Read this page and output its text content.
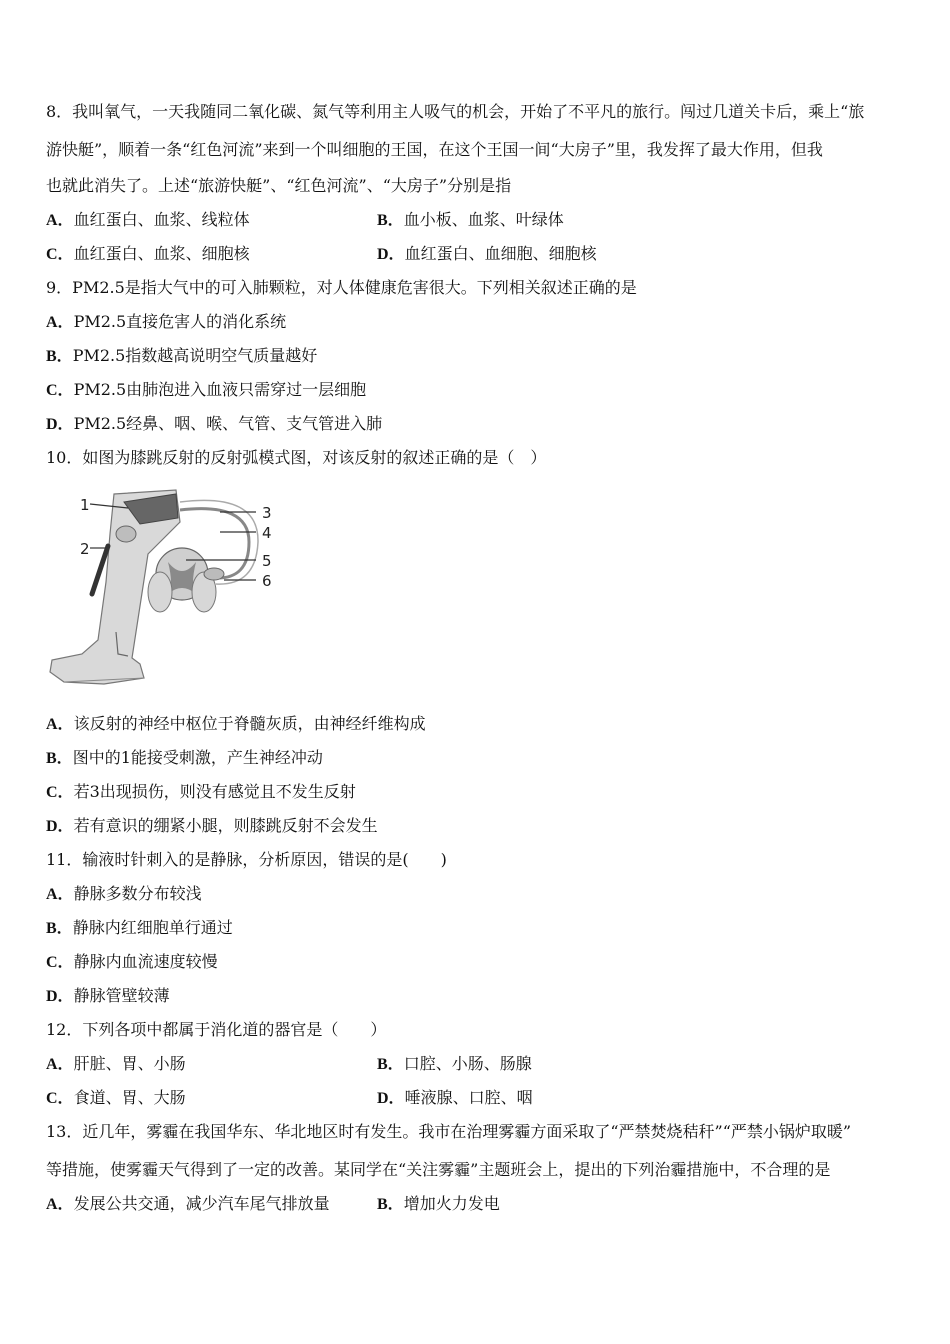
8．我叫氧气，一天我随同二氧化碳、氮气等利用主人吸气的机会，开始了不平凡的旅行。闯过几道关卡后，乘上“旅
游快艇”，顺着一条“红色河流”来到一个叫细胞的王国，在这个王国一间“大房子”里，我发挥了最大作用，但我
也就此消失了。上述“旅游快艇”、“红色河流”、“大房子”分别是指
A．血红蛋白、血浆、线粒体	B．血小板、血浆、叶绿体
C．血红蛋白、血浆、细胞核	D．血红蛋白、血细胞、细胞核
9．PM2.5是指大气中的可入肺颗粒，对人体健康危害很大。下列相关叙述正确的是
A．PM2.5直接危害人的消化系统
B．PM2.5指数越高说明空气质量越好
C．PM2.5由肺泡进入血液只需穿过一层细胞
D．PM2.5经鼻、咽、喉、气管、支气管进入肺
10．如图为膝跳反射的反射弧模式图，对该反射的叙述正确的是（　）
1
2
3
4
5
6
A．该反射的神经中枢位于脊髓灰质，由神经纤维构成
B．图中的1能接受刺激，产生神经冲动
C．若3出现损伤，则没有感觉且不发生反射
D．若有意识的绷紧小腿，则膝跳反射不会发生
11．输液时针刺入的是静脉，分析原因，错误的是(　　)
A．静脉多数分布较浅
B．静脉内红细胞单行通过
C．静脉内血流速度较慢
D．静脉管壁较薄
12．下列各项中都属于消化道的器官是（　　）
A．肝脏、胃、小肠	B．口腔、小肠、肠腺
C．食道、胃、大肠	D．唾液腺、口腔、咽
13．近几年，雾霾在我国华东、华北地区时有发生。我市在治理雾霾方面采取了“严禁焚烧秸秆”“严禁小锅炉取暖”
等措施，使雾霾天气得到了一定的改善。某同学在“关注雾霾”主题班会上，提出的下列治霾措施中，不合理的是
A．发展公共交通，减少汽车尾气排放量	B．增加火力发电
